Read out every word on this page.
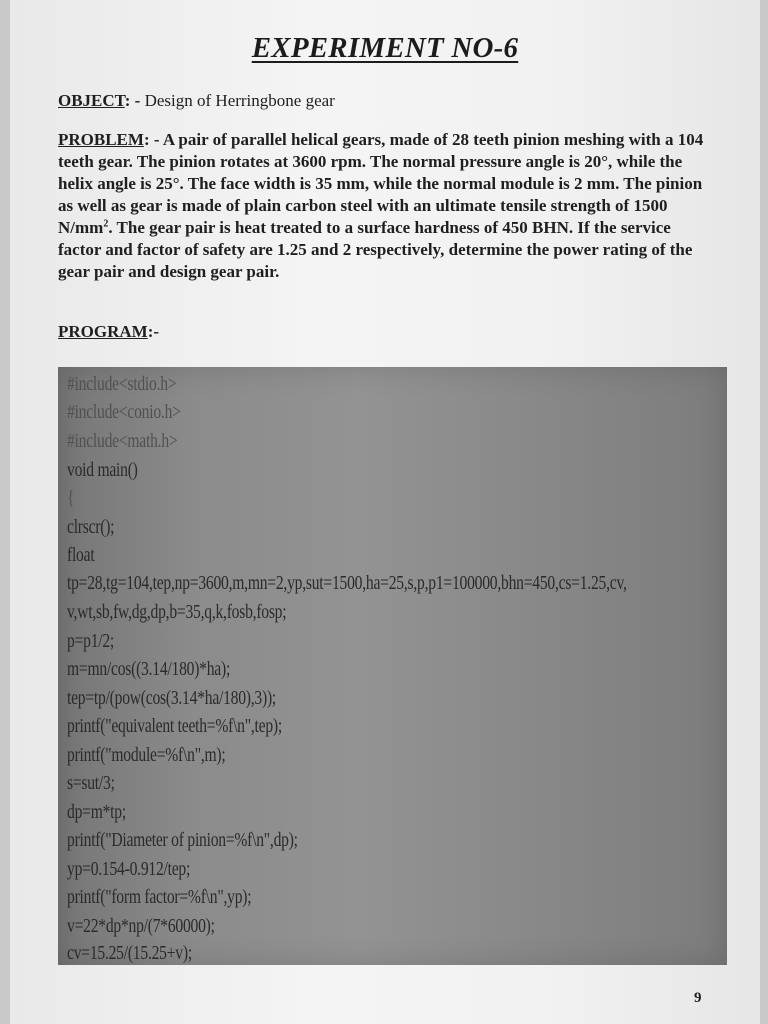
EXPERIMENT NO-6
OBJECT: - Design of Herringbone gear

PROBLEM: - A pair of parallel helical gears, made of 28 teeth pinion meshing with a 104 teeth gear. The pinion rotates at 3600 rpm. The normal pressure angle is 20°, while the helix angle is 25°. The face width is 35 mm, while the normal module is 2 mm. The pinion as well as gear is made of plain carbon steel with an ultimate tensile strength of 1500 $N/mm^2$. The gear pair is heat treated to a surface hardness of 450 BHN. If the service factor and factor of safety are 1.25 and 2 respectively, determine the power rating of the gear pair and design gear pair.

PROGRAM:-
#include<stdio.h>
#include<conio.h>
#include<math.h>
void main()
{
clrscr();
float
tp=28,tg=104,tep,np=3600,m,mn=2,yp,sut=1500,ha=25,s,p,p1=100000,bhn=450,cs=1.25,cv,
v,wt,sb,fw,dg,dp,b=35,q,k,fosb,fosp;
p=p1/2;
m=mn/cos((3.14/180)*ha);
tep=tp/(pow(cos(3.14*ha/180),3));
printf("equivalent teeth=%f\n",tep);
printf("module=%f\n",m);
s=sut/3;
dp=m*tp;
printf("Diameter of pinion=%f\n",dp);
yp=0.154-0.912/tep;
printf("form factor=%f\n",yp);
v=22*dp*np/(7*60000);
cv=15.25/(15.25+v);
9
